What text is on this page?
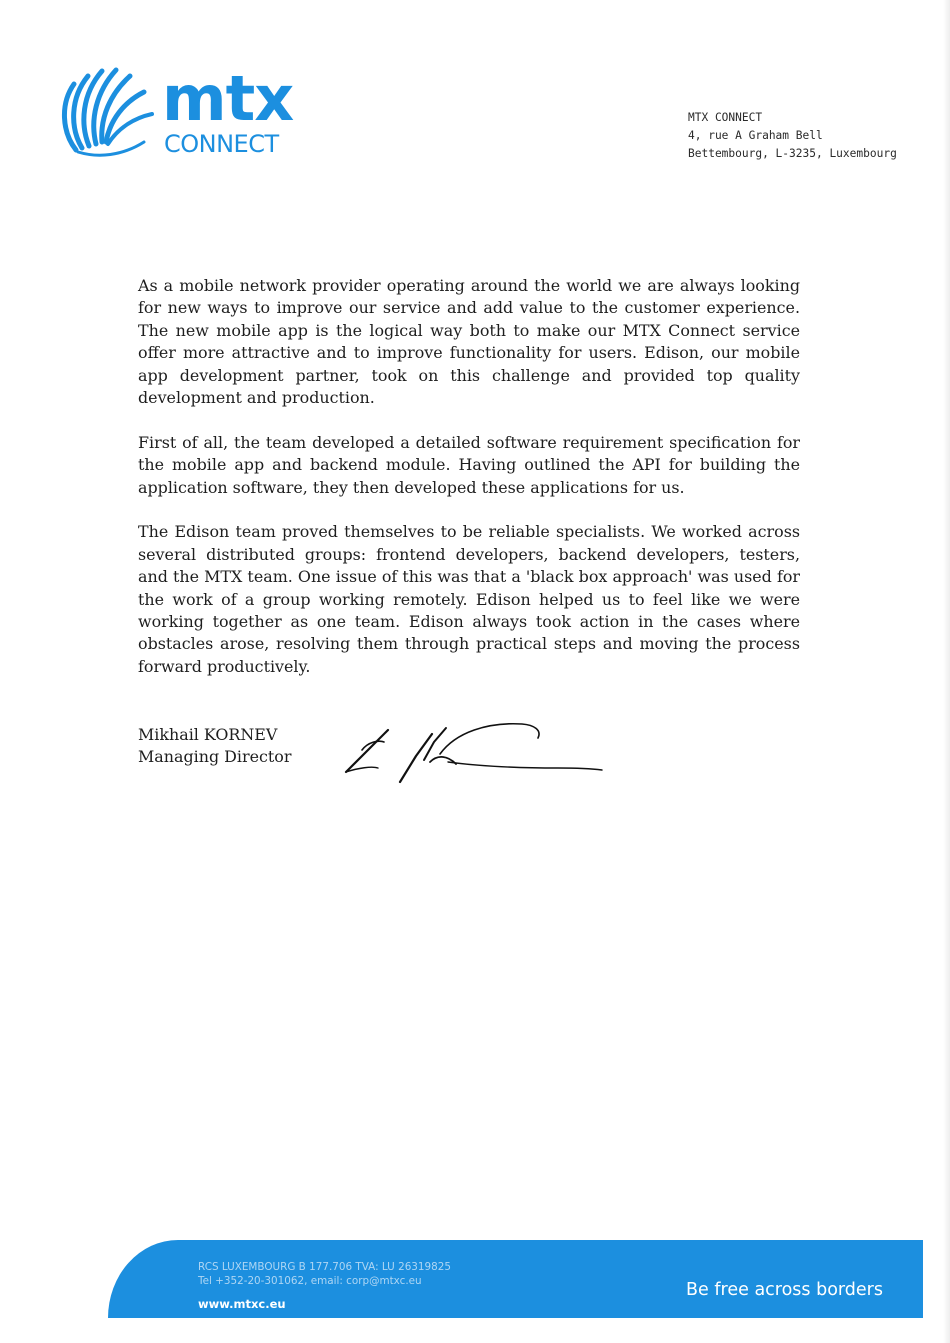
mtx
CONNECT
MTX CONNECT
4, rue A Graham Bell
Bettembourg, L-3235, Luxembourg

As a mobile network provider operating around the world we are always looking for new ways to improve our service and add value to the customer experience. The new mobile app is the logical way both to make our MTX Connect service offer more attractive and to improve functionality for users. Edison, our mobile app development partner, took on this challenge and provided top quality development and production.

First of all, the team developed a detailed software requirement specification for the mobile app and backend module. Having outlined the API for building the application software, they then developed these applications for us.

The Edison team proved themselves to be reliable specialists. We worked across several distributed groups: frontend developers, backend developers, testers, and the MTX team. One issue of this was that a 'black box approach' was used for the work of a group working remotely. Edison helped us to feel like we were working together as one team. Edison always took action in the cases where obstacles arose, resolving them through practical steps and moving the process forward productively.

Mikhail KORNEV
Managing Director
RCS LUXEMBOURG B 177.706 TVA: LU 26319825
Tel +352-20-301062, email: corp@mtxc.eu
www.mtxc.eu
Be free across borders
